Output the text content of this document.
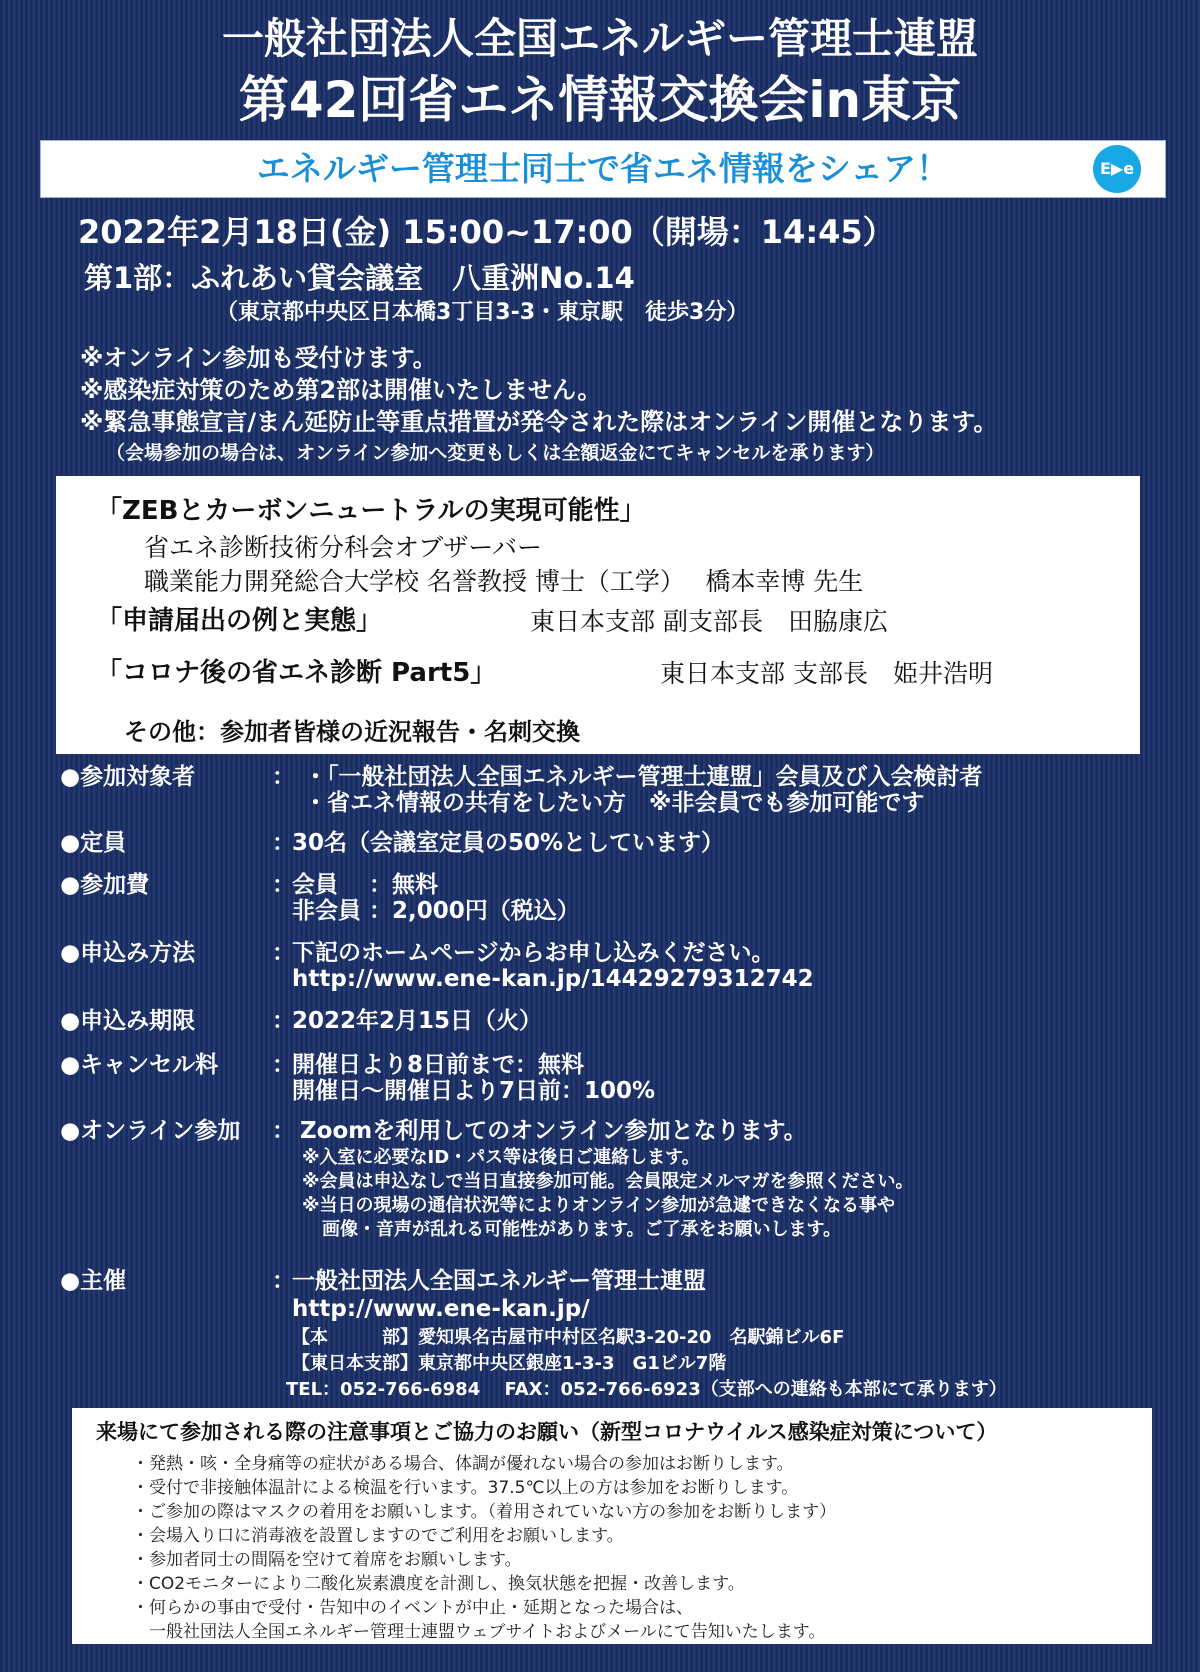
一般社団法人全国エネルギー管理士連盟
第42回省エネ情報交換会in東京
エネルギー管理士同士で省エネ情報をシェア！	E▶e
2022年2月18日(金) 15:00~17:00（開場：14:45）
第1部：ふれあい貸会議室　八重洲No.14
（東京都中央区日本橋3丁目3-3・東京駅　徒歩3分）
※オンライン参加も受付けます。
※感染症対策のため第2部は開催いたしません。
※緊急事態宣言/まん延防止等重点措置が発令された際はオンライン開催となります。
（会場参加の場合は、オンライン参加へ変更もしくは全額返金にてキャンセルを承ります）
「ZEBとカーボンニュートラルの実現可能性」
省エネ診断技術分科会オブザーバー
職業能力開発総合大学校 名誉教授 博士（工学）　 橋本幸博 先生
「申請届出の例と実態」	東日本支部 副支部長　田脇康広
「コロナ後の省エネ診断 Part5」	東日本支部 支部長　姫井浩明
その他：参加者皆様の近況報告・名刺交換
●参加対象者	： ・「一般社団法人全国エネルギー管理士連盟」会員及び入会検討者
・省エネ情報の共有をしたい方　※非会員でも参加可能です
●定員	：
30名（会議室定員の50%としています）
●参加費	：
会員　 ：無料
非会員 ：2,000円（税込）
●申込み方法	：
下記のホームページからお申し込みください。
http://www.ene-kan.jp/14429279312742
●申込み期限	：
2022年2月15日（火）
●キャンセル料	：
開催日より8日前まで：無料
開催日～開催日より7日前：100%
●オンライン参加	： Zoomを利用してのオンライン参加となります。
※入室に必要なID・パス等は後日ご連絡します。
※会員は申込なしで当日直接参加可能。会員限定メルマガを参照ください。
※当日の現場の通信状況等によりオンライン参加が急遽できなくなる事や
画像・音声が乱れる可能性があります。ご了承をお願いします。
●主催	：
一般社団法人全国エネルギー管理士連盟
http://www.ene-kan.jp/
【本　　　部】愛知県名古屋市中村区名駅3-20-20　名駅錦ビル6F
【東日本支部】東京都中央区銀座1-3-3　G1ビル7階
TEL：052-766-6984　 FAX：052-766-6923（支部への連絡も本部にて承ります）
来場にて参加される際の注意事項とご協力のお願い（新型コロナウイルス感染症対策について）
・発熱・咳・全身痛等の症状がある場合、体調が優れない場合の参加はお断りします。
・受付で非接触体温計による検温を行います。37.5℃以上の方は参加をお断りします。
・ご参加の際はマスクの着用をお願いします。（着用されていない方の参加をお断りします）
・会場入り口に消毒液を設置しますのでご利用をお願いします。
・参加者同士の間隔を空けて着席をお願いします。
・CO2モニターにより二酸化炭素濃度を計測し、換気状態を把握・改善します。
・何らかの事由で受付・告知中のイベントが中止・延期となった場合は、
　一般社団法人全国エネルギー管理士連盟ウェブサイトおよびメールにて告知いたします。
